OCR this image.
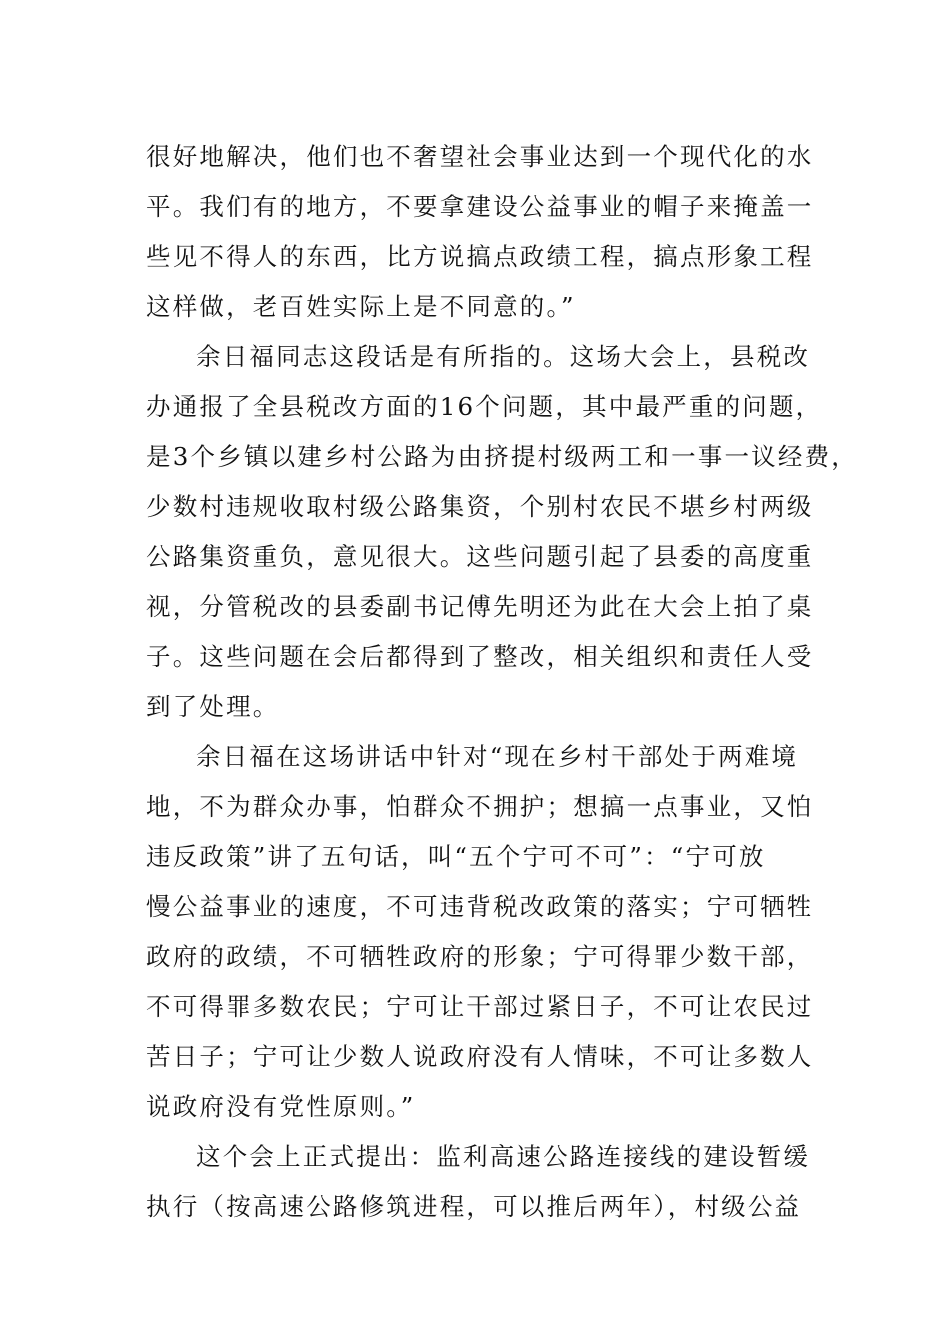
很好地解决，他们也不奢望社会事业达到一个现代化的水
平。我们有的地方，不要拿建设公益事业的帽子来掩盖一
些见不得人的东西，比方说搞点政绩工程，搞点形象工程
这样做，老百姓实际上是不同意的。”
余日福同志这段话是有所指的。这场大会上，县税改
办通报了全县税改方面的16个问题，其中最严重的问题，
是3个乡镇以建乡村公路为由挤提村级两工和一事一议经费，
少数村违规收取村级公路集资，个别村农民不堪乡村两级
公路集资重负，意见很大。这些问题引起了县委的高度重
视，分管税改的县委副书记傅先明还为此在大会上拍了桌
子。这些问题在会后都得到了整改，相关组织和责任人受
到了处理。
余日福在这场讲话中针对“现在乡村干部处于两难境
地，不为群众办事，怕群众不拥护；想搞一点事业，又怕
违反政策”讲了五句话，叫“五个宁可不可”：“宁可放
慢公益事业的速度，不可违背税改政策的落实；宁可牺牲
政府的政绩，不可牺牲政府的形象；宁可得罪少数干部，
不可得罪多数农民；宁可让干部过紧日子，不可让农民过
苦日子；宁可让少数人说政府没有人情味，不可让多数人
说政府没有党性原则。”
这个会上正式提出：监利高速公路连接线的建设暂缓
执行（按高速公路修筑进程，可以推后两年），村级公益
